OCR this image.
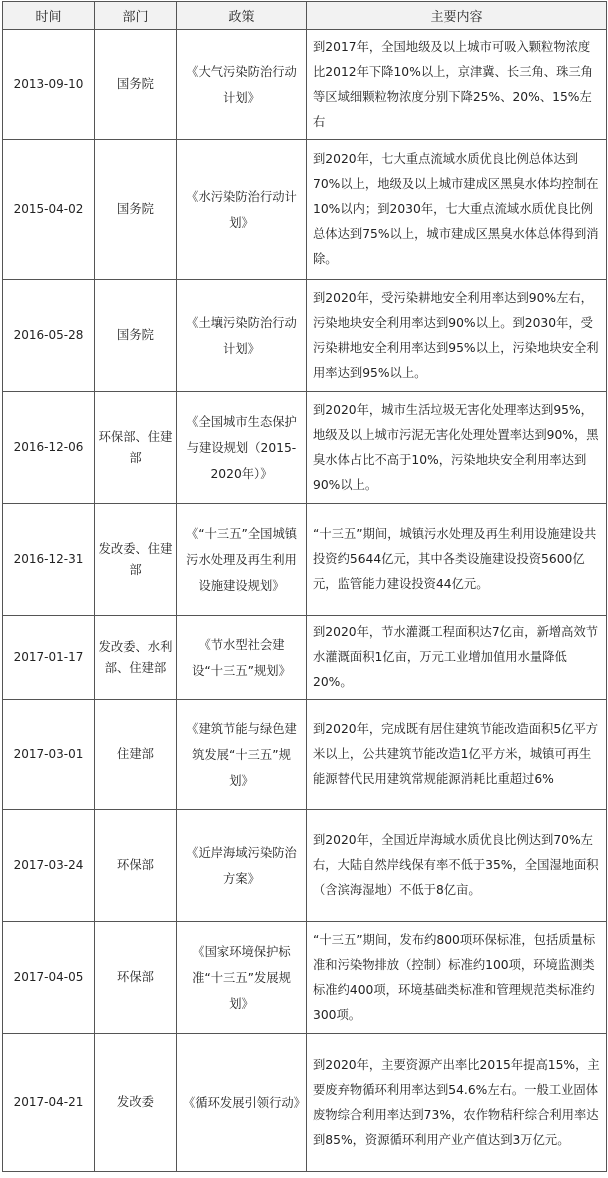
时间	部门	政策	主要内容
2013-09-10	国务院	《大气污染防治行动计划》	到2017年，全国地级及以上城市可吸入颗粒物浓度比2012年下降10%以上，京津冀、长三角、珠三角等区域细颗粒物浓度分别下降25%、20%、15%左右
2015-04-02	国务院	《水污染防治行动计划》	到2020年，七大重点流域水质优良比例总体达到70%以上，地级及以上城市建成区黑臭水体均控制在10%以内；到2030年，七大重点流域水质优良比例总体达到75%以上，城市建成区黑臭水体总体得到消除。
2016-05-28	国务院	《土壤污染防治行动计划》	到2020年，受污染耕地安全利用率达到90%左右，污染地块安全利用率达到90%以上。到2030年，受污染耕地安全利用率达到95%以上，污染地块安全利用率达到95%以上。
2016-12-06	环保部、住建部	《全国城市生态保护与建设规划（2015-2020年）》	到2020年，城市生活垃圾无害化处理率达到95%，地级及以上城市污泥无害化处理处置率达到90%，黑臭水体占比不高于10%，污染地块安全利用率达到90%以上。
2016-12-31	发改委、住建部	《“十三五”全国城镇污水处理及再生利用设施建设规划》	“十三五”期间，城镇污水处理及再生利用设施建设共投资约5644亿元，其中各类设施建设投资5600亿元，监管能力建设投资44亿元。
2017-01-17	发改委、水利部、住建部	《节水型社会建设“十三五”规划》	到2020年，节水灌溉工程面积达7亿亩，新增高效节水灌溉面积1亿亩，万元工业增加值用水量降低20%。
2017-03-01	住建部	《建筑节能与绿色建筑发展“十三五”规划》	到2020年，完成既有居住建筑节能改造面积5亿平方米以上，公共建筑节能改造1亿平方米，城镇可再生能源替代民用建筑常规能源消耗比重超过6%
2017-03-24	环保部	《近岸海域污染防治方案》	到2020年，全国近岸海域水质优良比例达到70%左右，大陆自然岸线保有率不低于35%，全国湿地面积（含滨海湿地）不低于8亿亩。
2017-04-05	环保部	《国家环境保护标准“十三五”发展规划》	“十三五”期间，发布约800项环保标准，包括质量标准和污染物排放（控制）标准约100项，环境监测类标准约400项，环境基础类标准和管理规范类标准约300项。
2017-04-21	发改委	《循环发展引领行动》	到2020年，主要资源产出率比2015年提高15%，主要废弃物循环利用率达到54.6%左右。一般工业固体废物综合利用率达到73%，农作物秸秆综合利用率达到85%，资源循环利用产业产值达到3万亿元。
